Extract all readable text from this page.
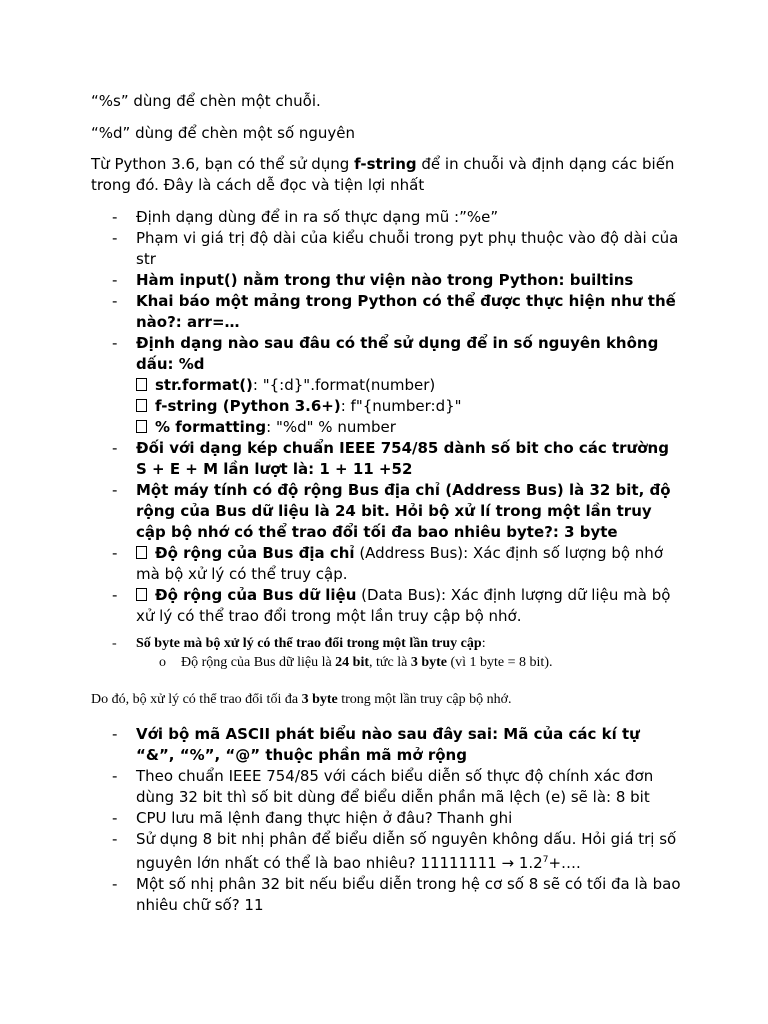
“%s” dùng để chèn một chuỗi.
“%d” dùng để chèn một số nguyên
Từ Python 3.6, bạn có thể sử dụng f-string để in chuỗi và định dạng các biến trong đó. Đây là cách dễ đọc và tiện lợi nhất
- Định dạng dùng để in ra số thực dạng mũ :”%e”
- Phạm vi giá trị độ dài của kiểu chuỗi trong pyt phụ thuộc vào độ dài của str
- Hàm input() nằm trong thư viện nào trong Python: builtins
- Khai báo một mảng trong Python có thể được thực hiện như thế nào?: arr=…
- Định dạng nào sau đâu có thể sử dụng để in số nguyên không dấu: %d
str.format(): "{:d}".format(number)
f-string (Python 3.6+): f"{number:d}"
% formatting: "%d" % number
- Đối với dạng kép chuẩn IEEE 754/85 dành số bit cho các trường S + E + M lần lượt là: 1 + 11 +52
- Một máy tính có độ rộng Bus địa chỉ (Address Bus) là 32 bit, độ rộng của Bus dữ liệu là 24 bit. Hỏi bộ xử lí trong một lần truy cập bộ nhớ có thể trao đổi tối đa bao nhiêu byte?: 3 byte
-	Độ rộng của Bus địa chỉ (Address Bus): Xác định số lượng bộ nhớ mà bộ xử lý có thể truy cập.
-	Độ rộng của Bus dữ liệu (Data Bus): Xác định lượng dữ liệu mà bộ xử lý có thể trao đổi trong một lần truy cập bộ nhớ.
- Số byte mà bộ xử lý có thể trao đổi trong một lần truy cập:
o Độ rộng của Bus dữ liệu là 24 bit, tức là 3 byte (vì 1 byte = 8 bit).
Do đó, bộ xử lý có thể trao đổi tối đa 3 byte trong một lần truy cập bộ nhớ.
- Với bộ mã ASCII phát biểu nào sau đây sai: Mã của các kí tự “&”, “%”, “@” thuộc phần mã mở rộng
- Theo chuẩn IEEE 754/85 với cách biểu diễn số thực độ chính xác đơn dùng 32 bit thì số bit dùng để biểu diễn phần mã lệch (e) sẽ là: 8 bit
- CPU lưu mã lệnh đang thực hiện ở đâu? Thanh ghi
- Sử dụng 8 bit nhị phân để biểu diễn số nguyên không dấu. Hỏi giá trị số nguyên lớn nhất có thể là bao nhiêu? $11111111 \to 1.2^7+\dots$.
- Một số nhị phân 32 bit nếu biểu diễn trong hệ cơ số 8 sẽ có tối đa là bao nhiêu chữ số? 11
